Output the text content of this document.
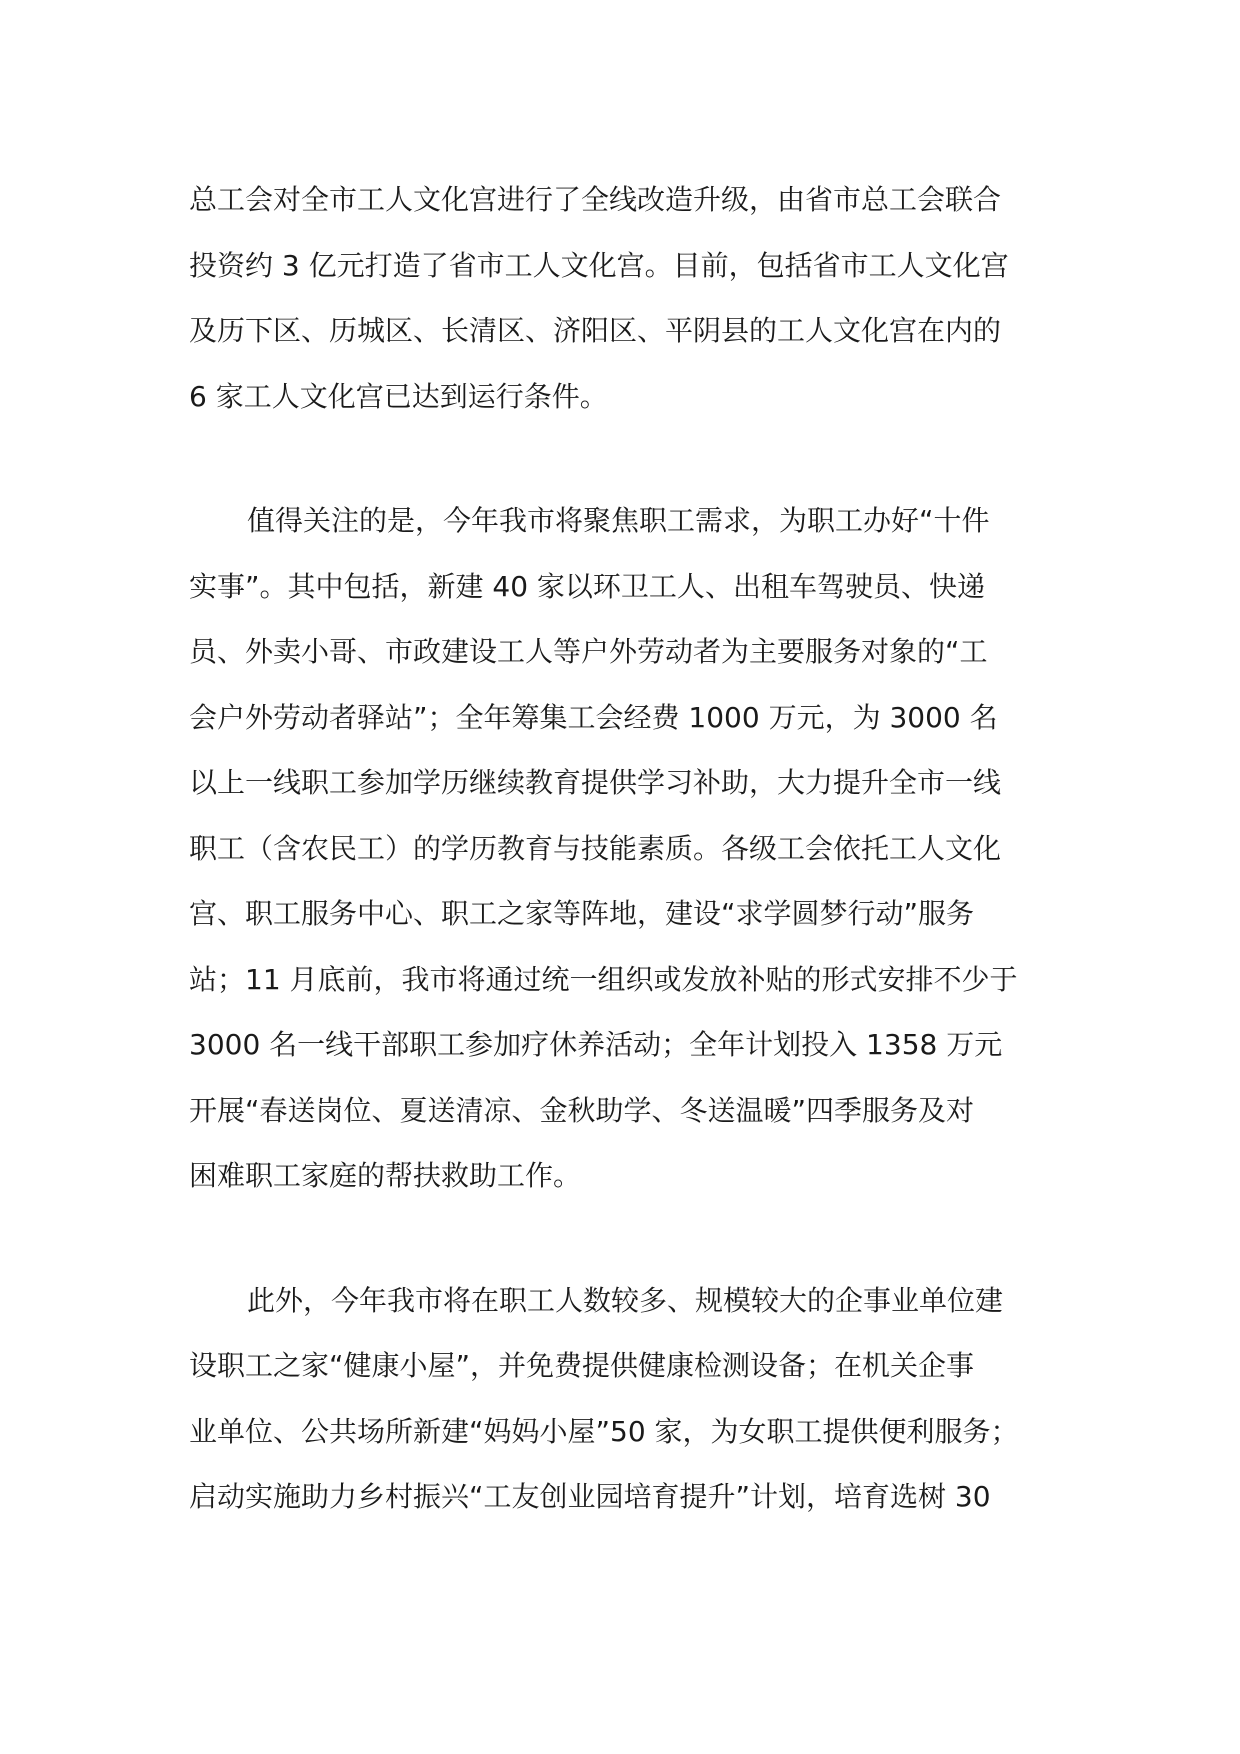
总工会对全市工人文化宫进行了全线改造升级，由省市总工会联合
投资约 3 亿元打造了省市工人文化宫。目前，包括省市工人文化宫
及历下区、历城区、长清区、济阳区、平阴县的工人文化宫在内的
6 家工人文化宫已达到运行条件。

值得关注的是，今年我市将聚焦职工需求，为职工办好“十件
实事”。其中包括，新建 40 家以环卫工人、出租车驾驶员、快递
员、外卖小哥、市政建设工人等户外劳动者为主要服务对象的“工
会户外劳动者驿站”；全年筹集工会经费 1000 万元，为 3000 名
以上一线职工参加学历继续教育提供学习补助，大力提升全市一线
职工（含农民工）的学历教育与技能素质。各级工会依托工人文化
宫、职工服务中心、职工之家等阵地，建设“求学圆梦行动”服务
站；11 月底前，我市将通过统一组织或发放补贴的形式安排不少于
3000 名一线干部职工参加疗休养活动；全年计划投入 1358 万元
开展“春送岗位、夏送清凉、金秋助学、冬送温暖”四季服务及对
困难职工家庭的帮扶救助工作。

此外，今年我市将在职工人数较多、规模较大的企事业单位建
设职工之家“健康小屋”，并免费提供健康检测设备；在机关企事
业单位、公共场所新建“妈妈小屋”50 家，为女职工提供便利服务；
启动实施助力乡村振兴“工友创业园培育提升”计划，培育选树 30
